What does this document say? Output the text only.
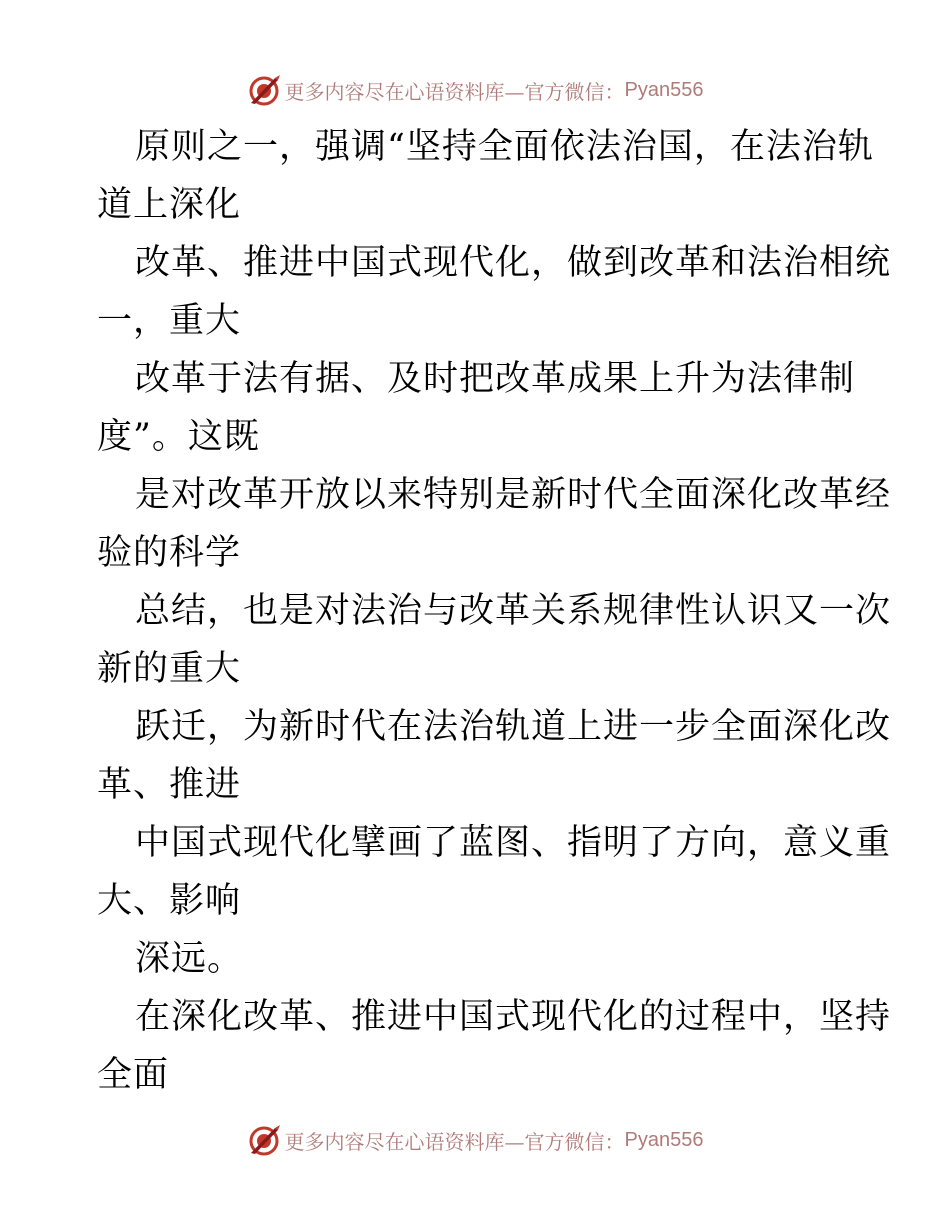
更多内容尽在心语资料库—官方微信： Pyan556
原则之一，强调“坚持全面依法治国，在法治轨
道上深化
改革、推进中国式现代化，做到改革和法治相统
一，重大
改革于法有据、及时把改革成果上升为法律制
度”。这既
是对改革开放以来特别是新时代全面深化改革经
验的科学
总结，也是对法治与改革关系规律性认识又一次
新的重大
跃迁，为新时代在法治轨道上进一步全面深化改
革、推进
中国式现代化擘画了蓝图、指明了方向，意义重
大、影响
深远。
在深化改革、推进中国式现代化的过程中，坚持
全面
更多内容尽在心语资料库—官方微信： Pyan556
